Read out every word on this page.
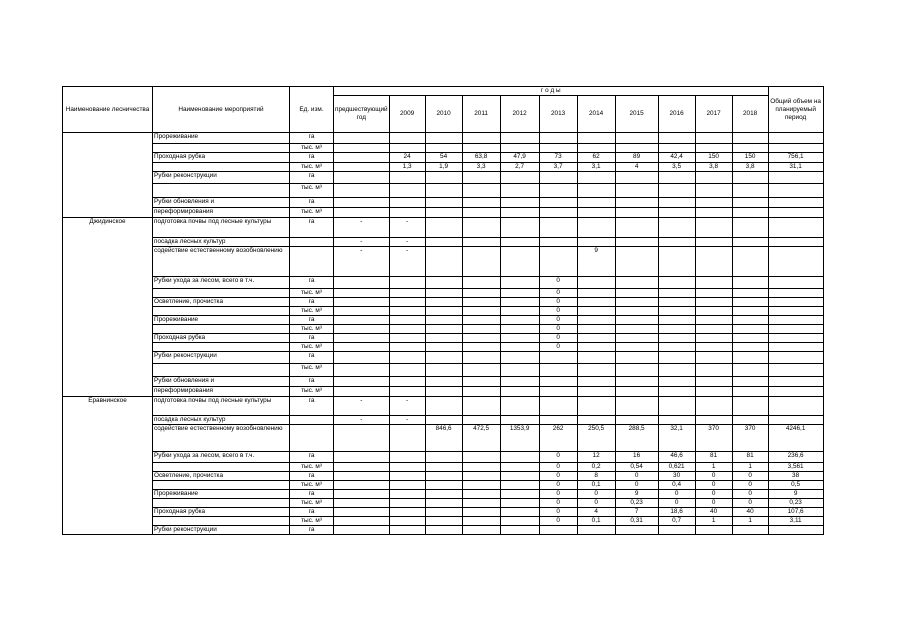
Наименование лесничества	Наименование мероприятий	Ед. изм.	г о д ы											Общий объем на планируемый период
			предшествующий год	2009	2010	2011	2012	2013	2014	2015	2016	2017	2018	
	Прореживание	га												
		тыс. м³												
	Проходная рубка	га		24	54	63,8	47,9	73	62	89	42,4	150	150	756,1
		тыс. м³		1,3	1,9	3,3	2,7	3,7	3,1	4	3,5	3,8	3,8	31,1
	Рубки реконструкции	га												
		тыс. м³												
	Рубки обновления и	га												
	переформирования	тыс. м³												
Джидинское	подготовка почвы под лесные культуры	га	-	-										
	посадка лесных культур		-	-										
	содействие естественному возобновлению		-	-					9					
	Рубки ухода за лесом, всего в т.ч.	га						0						
		тыс. м³						0						
	Осветление, прочистка	га						0						
		тыс. м³						0						
	Прореживание	га						0						
		тыс. м³						0						
	Проходная рубка	га						0						
		тыс. м³						0						
	Рубки реконструкции	га												
		тыс. м³												
	Рубки обновления и	га												
	переформирования	тыс. м³												
Еравнинское	подготовка почвы под лесные культуры	га	-	-										
	посадка лесных культур		-	-										
	содействие естественному возобновлению				846,6	472,5	1353,9	262	250,5	288,5	32,1	370	370	4246,1
	Рубки ухода за лесом, всего в т.ч.	га						0	12	16	46,6	81	81	236,6
		тыс. м³						0	0,2	0,54	0,621	1	1	3,561
	Осветление, прочистка	га						0	8	0	30	0	0	38
		тыс. м³						0	0,1	0	0,4	0	0	0,5
	Прореживание	га						0	0	9	0	0	0	9
		тыс. м³						0	0	0,23	0	0	0	0,23
	Проходная рубка	га						0	4	7	18,6	40	40	107,6
		тыс. м³						0	0,1	0,31	0,7	1	1	3,11
	Рубки реконструкции	га												
